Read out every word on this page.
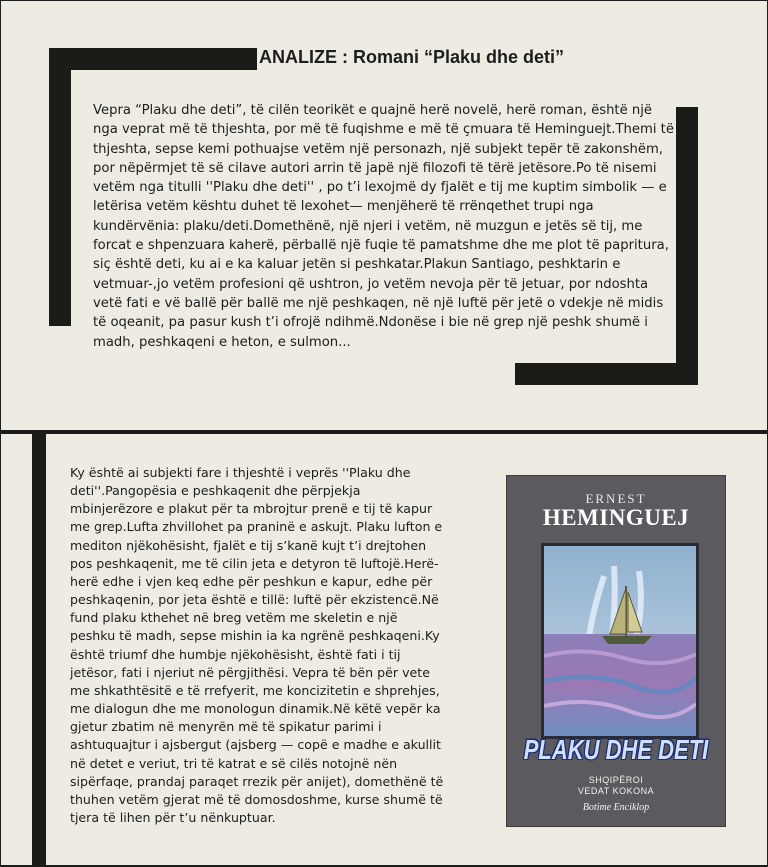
ANALIZE : Romani “Plaku dhe deti”

Vepra “Plaku dhe deti”, të cilën teorikët e quajnë herë novelë, herë roman, është një nga veprat më të thjeshta, por më të fuqishme e më të çmuara të Heminguejt.Themi të thjeshta, sepse kemi pothuajse vetëm një personazh, një subjekt tepër të zakonshëm, por nëpërmjet të së cilave autori arrin të japë një filozofi të tërë jetësore.Po të nisemi vetëm nga titulli ''Plaku dhe deti'' , po t’i lexojmë dy fjalët e tij me kuptim simbolik — e letërisa vetëm kështu duhet të lexohet— menjëherë të rrënqethet trupi nga kundërvënia: plaku/deti.Domethënë, një njeri i vetëm, në muzgun e jetës së tij, me forcat e shpenzuara kaherë, përballë një fuqie të pamatshme dhe me plot të papritura, siç është deti, ku ai e ka kaluar jetën si peshkatar.Plakun Santiago, peshktarin e vetmuar-,jo vetëm profesioni që ushtron, jo vetëm nevoja për të jetuar, por ndoshta vetë fati e vë ballë për ballë me një peshkaqen, në një luftë për jetë o vdekje në midis të oqeanit, pa pasur kush t’i ofrojë ndihmë.Ndonëse i bie në grep një peshk shumë i madh, peshkaqeni e heton, e sulmon...

Ky është ai subjekti fare i thjeshtë i veprës ''Plaku dhe deti''.Pangopësia e peshkaqenit dhe përpjekja mbinjerëzore e plakut për ta mbrojtur prenë e tij të kapur me grep.Lufta zhvillohet pa praninë e askujt. Plaku lufton e mediton njëkohësisht, fjalët e tij s’kanë kujt t’i drejtohen pos peshkaqenit, me të cilin jeta e detyron të luftojë.Herë-herë edhe i vjen keq edhe për peshkun e kapur, edhe për peshkaqenin, por jeta është e tillë: luftë për ekzistencë.Në fund plaku kthehet në breg vetëm me skeletin e një peshku të madh, sepse mishin ia ka ngrënë peshkaqeni.Ky është triumf dhe humbje njëkohësisht, është fati i tij jetësor, fati i njeriut në përgjithësi. Vepra të bën për vete me shkathtësitë e të rrefyerit, me koncizitetin e shprehjes, me dialogun dhe me monologun dinamik.Në këtë vepër ka gjetur zbatim në menyrën më të spikatur parimi i ashtuquajtur i ajsbergut (ajsberg — copë e madhe e akullit në detet e veriut, tri të katrat e së cilës notojnë nën sipërfaqe, prandaj paraqet rrezik për anijet), domethënë të thuhen vetëm gjerat më të domosdoshme, kurse shumë të tjera të lihen për t’u nënkuptuar.

ERNEST
HEMINGUEJ
PLAKU DHE DETI
SHQIPËROI
VEDAT KOKONA
Botime Enciklop
